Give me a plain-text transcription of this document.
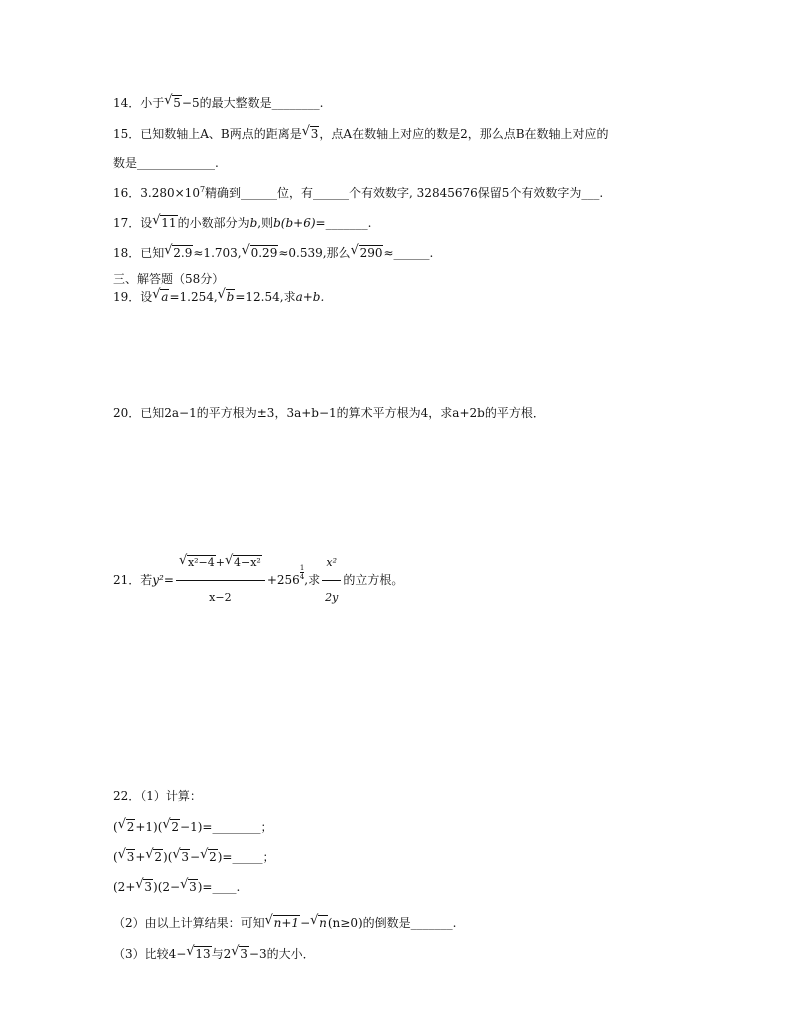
14．小于 √ 5−5的最大整数是________.
15．已知数轴上A、B两点的距离是 √ 3，点A在数轴上对应的数是2，那么点B在数轴上对应的
数是_____________.
16．$3.280\times 10^7$精确到______位，有______个有效数字, 32845676保留5个有效数字为___.
17．设 √ 11的小数部分为b,则b(b+6)=_______.
18．已知 √ 2.9≈1.703, √ 0.29≈0.539,那么 √ 290≈______.
三、解答题（58分）
19．设 √ a=1.254, √ b=12.54,求a+b.
20．已知2a−1的平方根为±3，3a+b−1的算术平方根为4，求a+2b的平方根．
21．若y²= √ $\frac{\text{x²−4+ √ 4−x²}}{x-2} +256 \frac{1}{4}$,求 $\frac{\text{x²}}{2y}$ 的立方根。
22．（1）计算：
( √ 2+1)( √ 2−1)=________；
( √ 3+ √ 2)( √ 3− √ 2)=_____；
(2+ √ 3)(2− √ 3)=____.
（2）由以上计算结果：可知 √ n+1− √ n(n≥0)的倒数是_______.
（3）比较4− √ 13与2 √ 3−3的大小．
